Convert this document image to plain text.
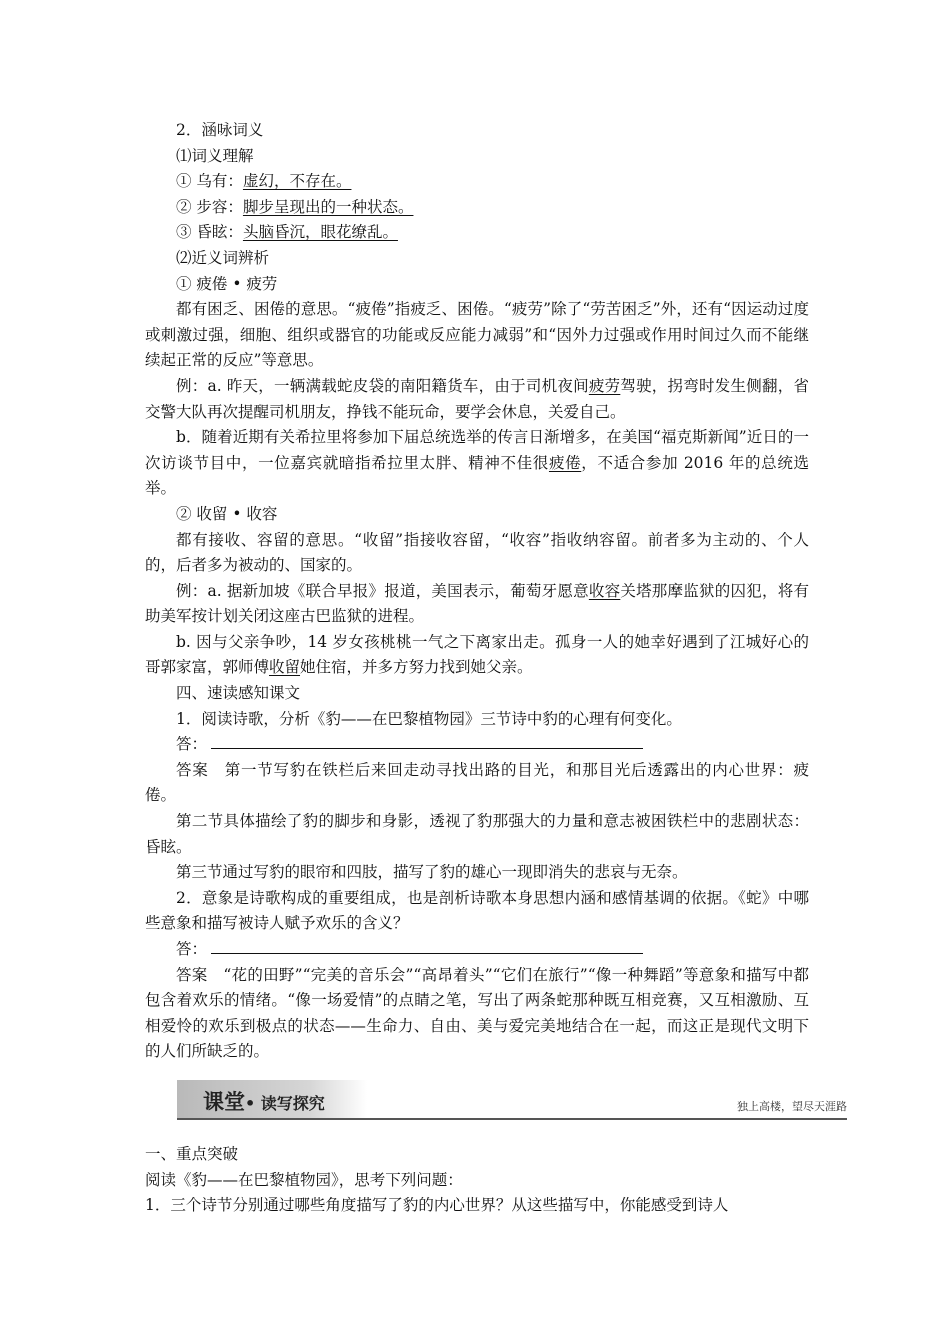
2．涵咏词义
⑴词义理解
① 乌有：虚幻，不存在。
② 步容：脚步呈现出的一种状态。
③ 昏眩：头脑昏沉，眼花缭乱。
⑵近义词辨析
① 疲倦 • 疲劳
都有困乏、困倦的意思。“疲倦”指疲乏、困倦。“疲劳”除了“劳苦困乏”外，还有“因运动过度或刺激过强，细胞、组织或器官的功能或反应能力减弱”和“因外力过强或作用时间过久而不能继续起正常的反应”等意思。
例：a. 昨天，一辆满载蛇皮袋的南阳籍货车，由于司机夜间疲劳驾驶，拐弯时发生侧翻，省交警大队再次提醒司机朋友，挣钱不能玩命，要学会休息，关爱自己。
b．随着近期有关希拉里将参加下届总统选举的传言日渐增多，在美国“福克斯新闻”近日的一次访谈节目中，一位嘉宾就暗指希拉里太胖、精神不佳很疲倦，不适合参加 2016 年的总统选举。
② 收留 • 收容
都有接收、容留的意思。“收留”指接收容留，“收容”指收纳容留。前者多为主动的、个人的，后者多为被动的、国家的。
例：a. 据新加坡《联合早报》报道，美国表示，葡萄牙愿意收容关塔那摩监狱的囚犯，将有助美军按计划关闭这座古巴监狱的进程。
b. 因与父亲争吵，14 岁女孩桃桃一气之下离家出走。孤身一人的她幸好遇到了江城好心的哥郭家富，郭师傅收留她住宿，并多方努力找到她父亲。
四、速读感知课文
1．阅读诗歌，分析《豹——在巴黎植物园》三节诗中豹的心理有何变化。
答：
答案　第一节写豹在铁栏后来回走动寻找出路的目光，和那目光后透露出的内心世界：疲倦。
第二节具体描绘了豹的脚步和身影，透视了豹那强大的力量和意志被困铁栏中的悲剧状态：昏眩。
第三节通过写豹的眼帘和四肢，描写了豹的雄心一现即消失的悲哀与无奈。
2．意象是诗歌构成的重要组成，也是剖析诗歌本身思想内涵和感情基调的依据。《蛇》中哪些意象和描写被诗人赋予欢乐的含义？
答：
答案　“花的田野”“完美的音乐会”“高昂着头”“它们在旅行”“像一种舞蹈”等意象和描写中都包含着欢乐的情绪。“像一场爱情”的点睛之笔，写出了两条蛇那种既互相竞赛，又互相激励、互相爱怜的欢乐到极点的状态——生命力、自由、美与爱完美地结合在一起，而这正是现代文明下的人们所缺乏的。
课堂• 读写探究	独上高楼，望尽天涯路
一、重点突破
阅读《豹——在巴黎植物园》，思考下列问题：
1．三个诗节分别通过哪些角度描写了豹的内心世界？从这些描写中，你能感受到诗人
